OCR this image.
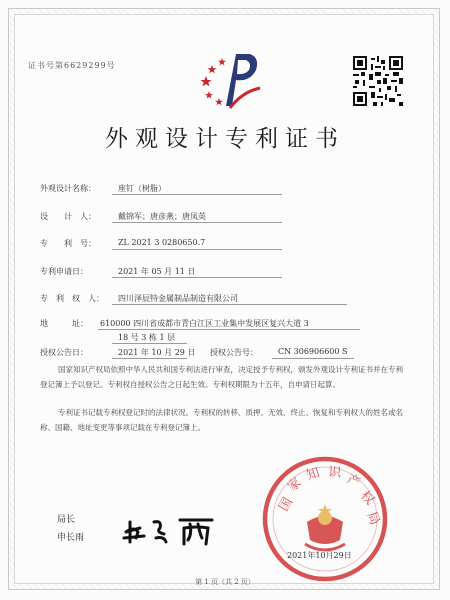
证书号第6629299号
外观设计专利证书
外观设计名称：	座钉（树脂）
设　　计　人：	戴锦军；唐彦燕；唐凤英
专　　利　号：	ZL 2021 3 0280650.7
专利申请日：	2021 年 05 月 11 日
专　利　权　人： 四川泽辰特金属制品制造有限公司
地　　　址： 610000 四川省成都市青白江区工业集中发展区复兴大道 3
18 号 3 栋 1 层
授权公告日：	2021 年 10 月 29 日 授权公告号：	CN 306906600 S
国家知识产权局依照中华人民共和国专利法进行审查，决定授予专利权，颁发外观设计专利证书并在专利登记簿上予以登记。专利权自授权公告之日起生效。专利权期限为十五年，自申请日起算。
专利证书记载专利权登记时的法律状况。专利权的转移、质押、无效、终止、恢复和专利权人的姓名或名称、国籍、地址变更等事项记载在专利登记簿上。
局长
申长雨
国
家
知 识 产
权
局
2021年10月29日
第 1 页（共 2 页）
